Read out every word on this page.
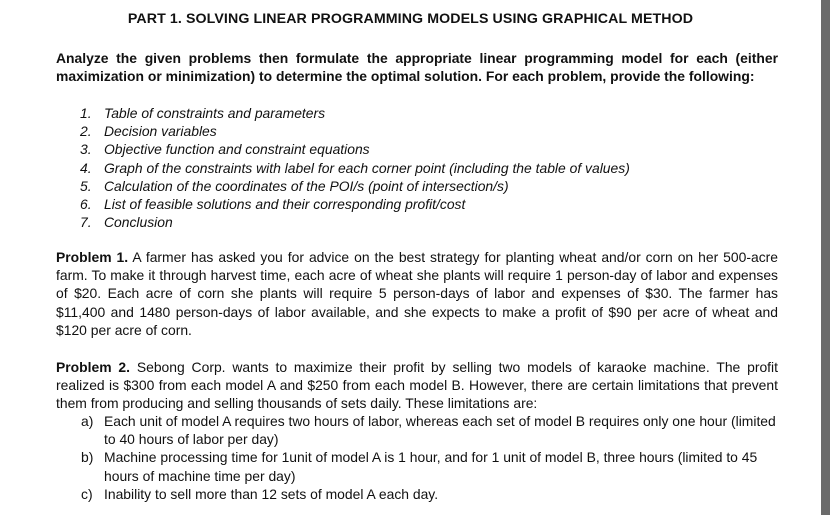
PART 1. SOLVING LINEAR PROGRAMMING MODELS USING GRAPHICAL METHOD
Analyze the given problems then formulate the appropriate linear programming model for each (either maximization or minimization) to determine the optimal solution. For each problem, provide the following:
1. Table of constraints and parameters
2. Decision variables
3. Objective function and constraint equations
4. Graph of the constraints with label for each corner point (including the table of values)
5. Calculation of the coordinates of the POI/s (point of intersection/s)
6. List of feasible solutions and their corresponding profit/cost
7. Conclusion
Problem 1. A farmer has asked you for advice on the best strategy for planting wheat and/or corn on her 500-acre farm. To make it through harvest time, each acre of wheat she plants will require 1 person-day of labor and expenses of $20. Each acre of corn she plants will require 5 person-days of labor and expenses of $30. The farmer has $11,400 and 1480 person-days of labor available, and she expects to make a profit of $90 per acre of wheat and $120 per acre of corn.
Problem 2. Sebong Corp. wants to maximize their profit by selling two models of karaoke machine. The profit realized is $300 from each model A and $250 from each model B. However, there are certain limitations that prevent them from producing and selling thousands of sets daily. These limitations are:
a) Each unit of model A requires two hours of labor, whereas each set of model B requires only one hour (limited to 40 hours of labor per day)
b) Machine processing time for 1unit of model A is 1 hour, and for 1 unit of model B, three hours (limited to 45 hours of machine time per day)
c) Inability to sell more than 12 sets of model A each day.
